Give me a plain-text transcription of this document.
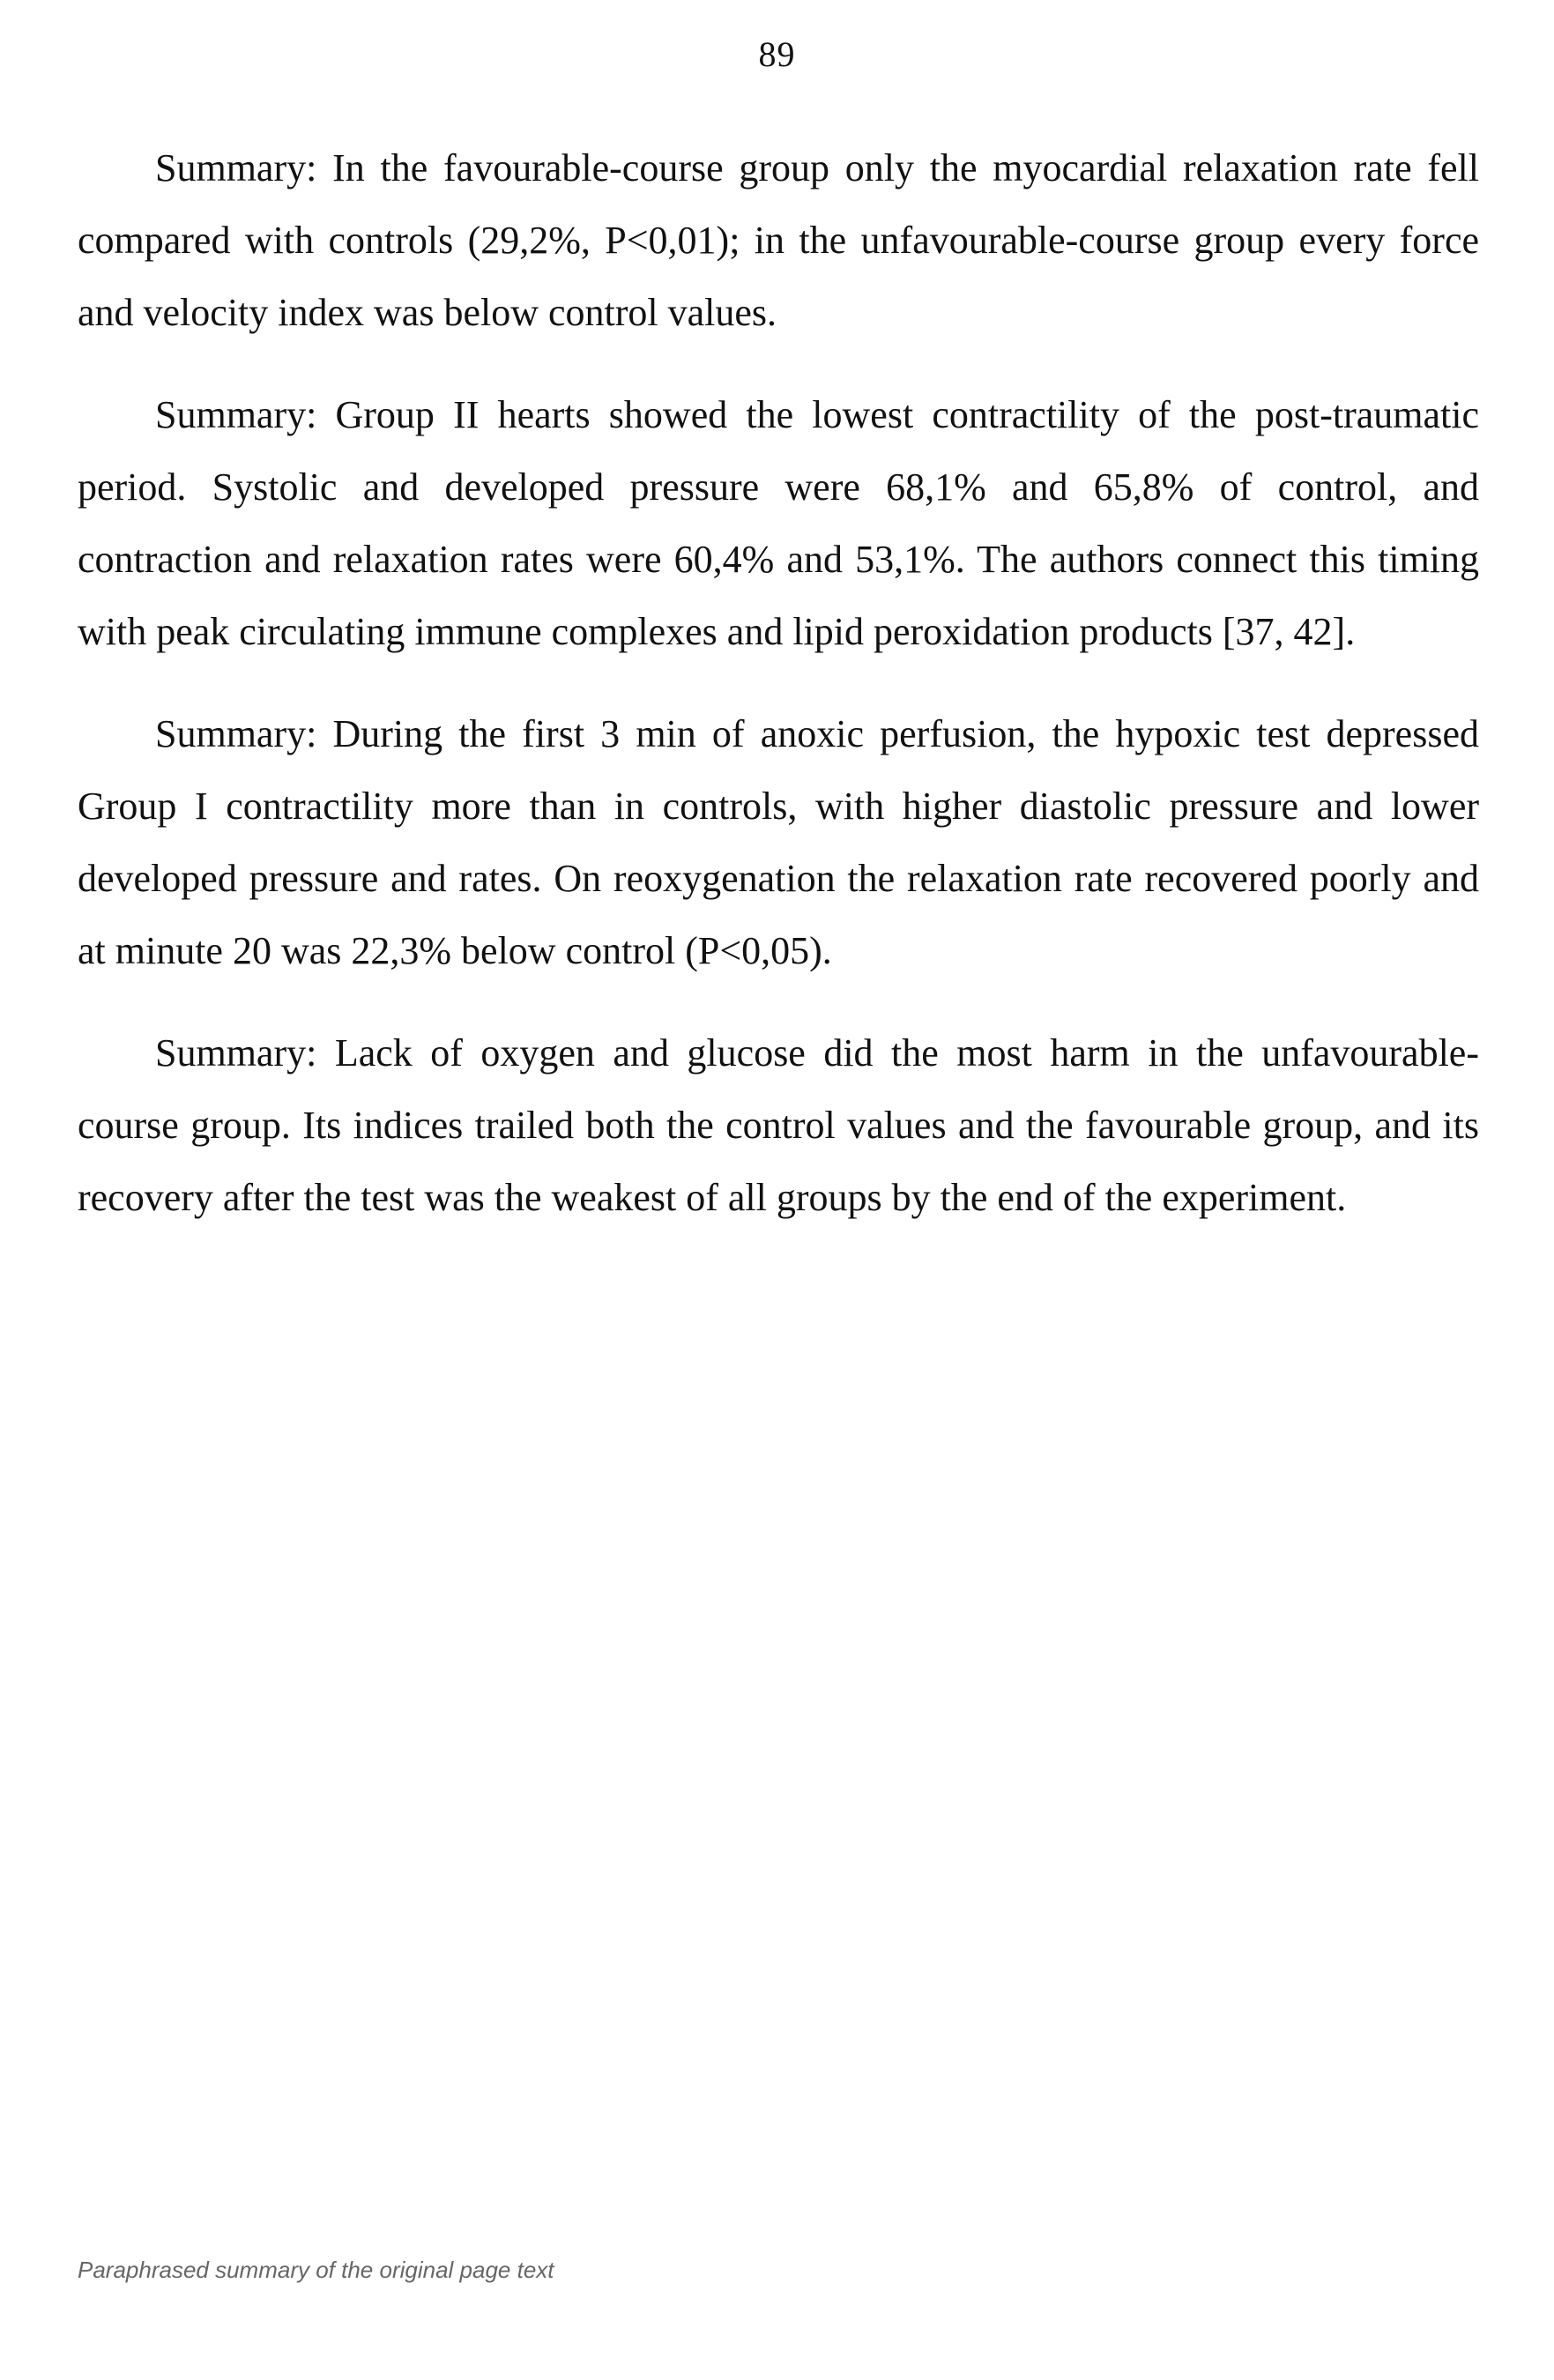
89

Summary: In the favourable-course group only the myocardial relaxation rate fell compared with controls (29,2%, P<0,01); in the unfavourable-course group every force and velocity index was below control values.

Summary: Group II hearts showed the lowest contractility of the post-traumatic period. Systolic and developed pressure were 68,1% and 65,8% of control, and contraction and relaxation rates were 60,4% and 53,1%. The authors connect this timing with peak circulating immune complexes and lipid peroxidation products [37, 42].

Summary: During the first 3 min of anoxic perfusion, the hypoxic test depressed Group I contractility more than in controls, with higher diastolic pressure and lower developed pressure and rates. On reoxygenation the relaxation rate recovered poorly and at minute 20 was 22,3% below control (P<0,05).

Summary: Lack of oxygen and glucose did the most harm in the unfavourable-course group. Its indices trailed both the control values and the favourable group, and its recovery after the test was the weakest of all groups by the end of the experiment.

Paraphrased summary of the original page text
